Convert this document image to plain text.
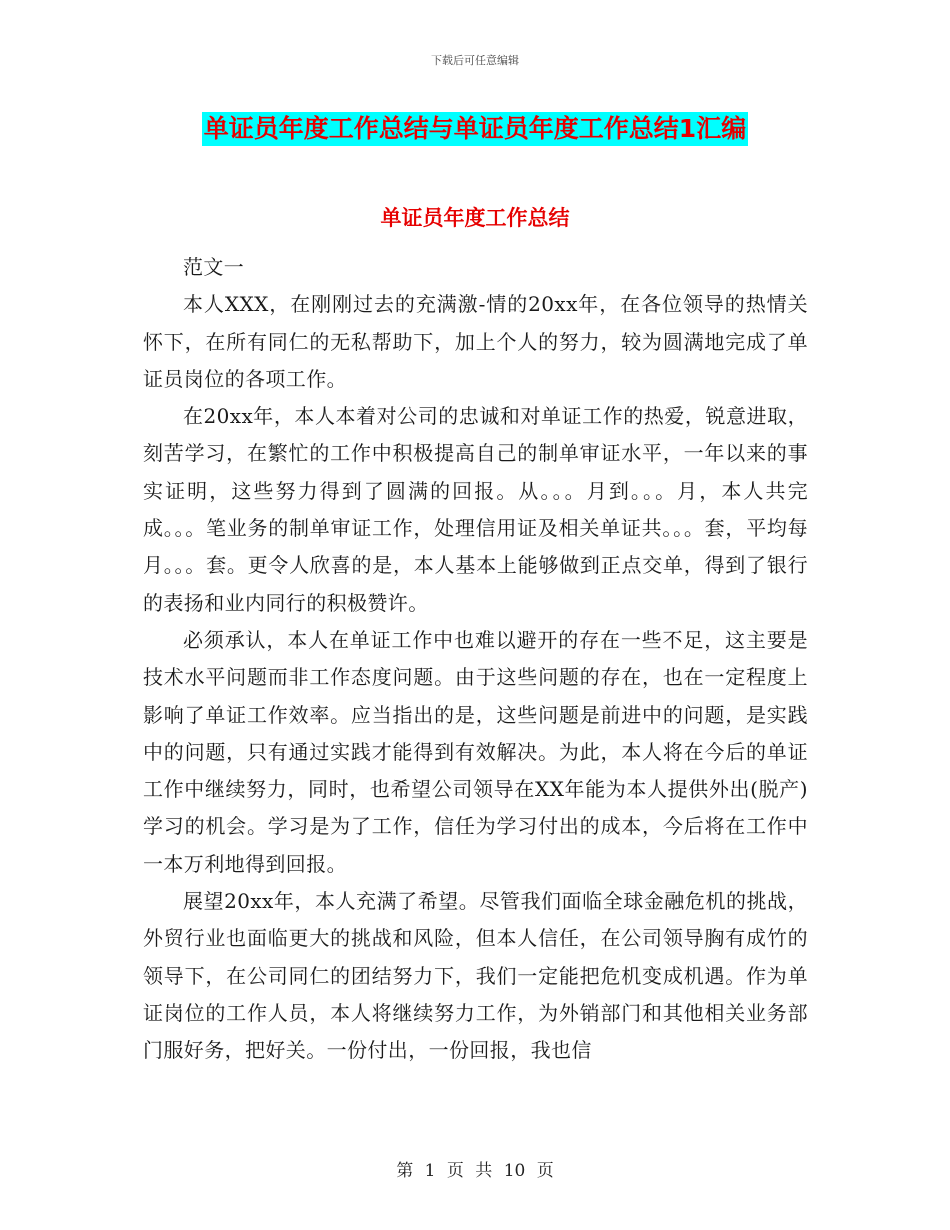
下载后可任意编辑
单证员年度工作总结与单证员年度工作总结1汇编
单证员年度工作总结

范文一

本人XXX，在刚刚过去的充满激-情的20xx年，在各位领导的热情关怀下，在所有同仁的无私帮助下，加上个人的努力，较为圆满地完成了单证员岗位的各项工作。

在20xx年，本人本着对公司的忠诚和对单证工作的热爱，锐意进取，刻苦学习，在繁忙的工作中积极提高自己的制单审证水平，一年以来的事实证明，这些努力得到了圆满的回报。从。。。月到。。。月，本人共完成。。。笔业务的制单审证工作，处理信用证及相关单证共。。。套，平均每月。。。套。更令人欣喜的是，本人基本上能够做到正点交单，得到了银行的表扬和业内同行的积极赞许。

必须承认，本人在单证工作中也难以避开的存在一些不足，这主要是技术水平问题而非工作态度问题。由于这些问题的存在，也在一定程度上影响了单证工作效率。应当指出的是，这些问题是前进中的问题，是实践中的问题，只有通过实践才能得到有效解决。为此，本人将在今后的单证工作中继续努力，同时，也希望公司领导在XX年能为本人提供外出(脱产)学习的机会。学习是为了工作，信任为学习付出的成本，今后将在工作中一本万利地得到回报。

展望20xx年，本人充满了希望。尽管我们面临全球金融危机的挑战，外贸行业也面临更大的挑战和风险，但本人信任，在公司领导胸有成竹的领导下，在公司同仁的团结努力下，我们一定能把危机变成机遇。作为单证岗位的工作人员，本人将继续努力工作，为外销部门和其他相关业务部门服好务，把好关。一份付出，一份回报，我也信

第 1 页 共 10 页
